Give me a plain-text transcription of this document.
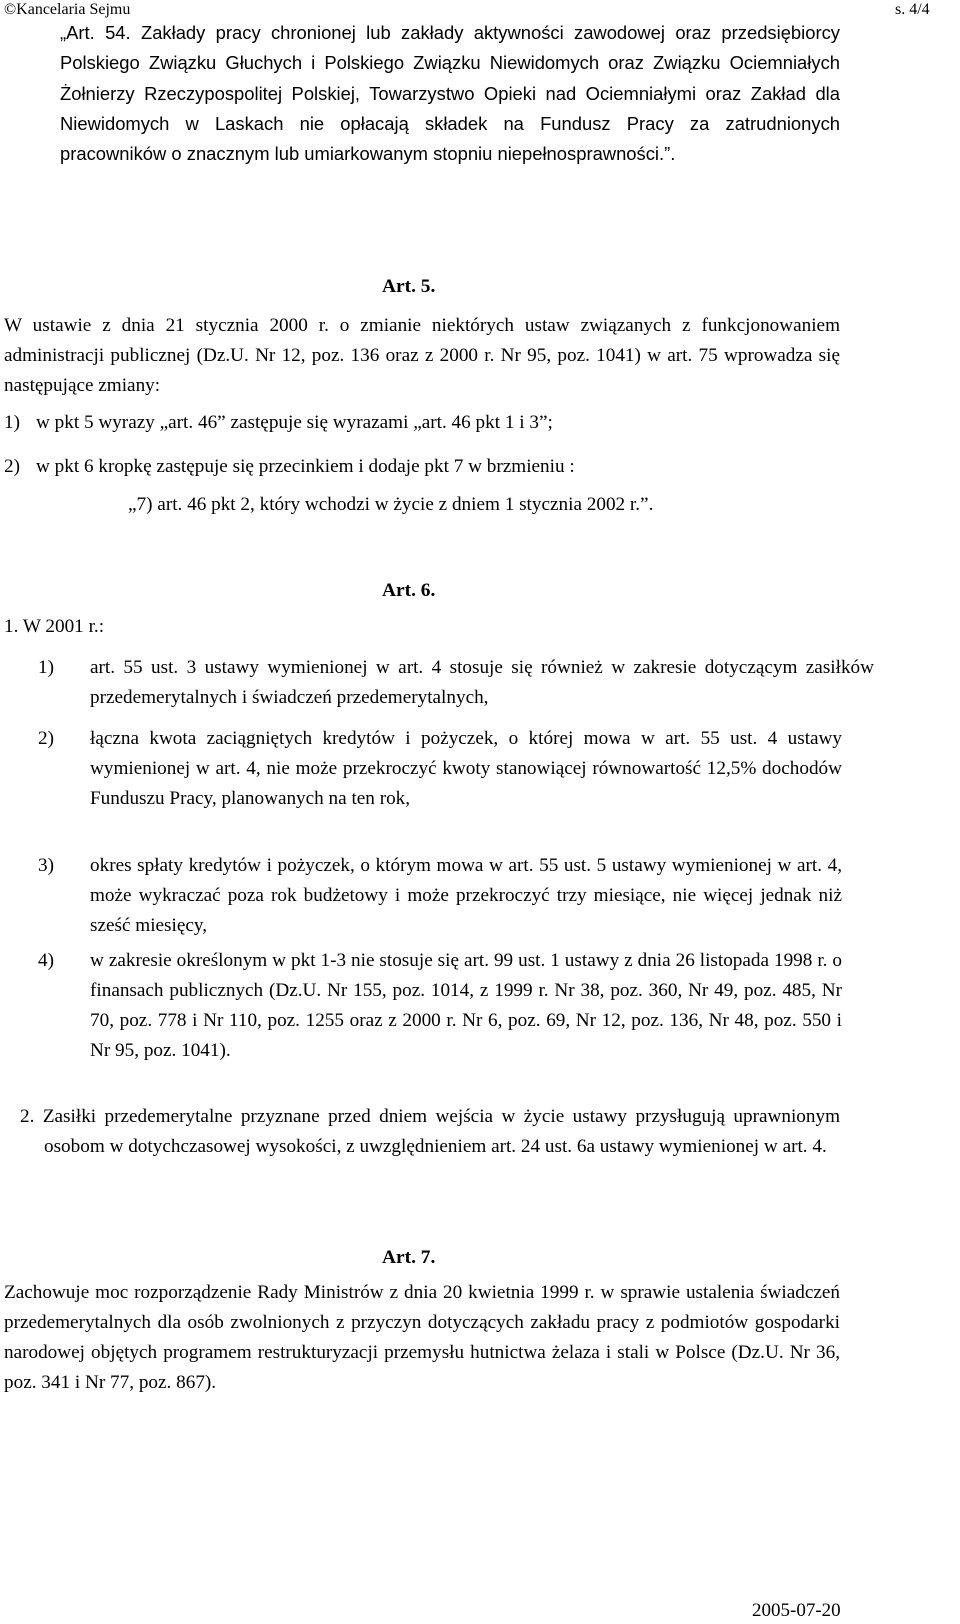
©Kancelaria Sejmu	s. 4/4
„Art. 54. Zakłady pracy chronionej lub zakłady aktywności zawodowej oraz przedsiębiorcy Polskiego Związku Głuchych i Polskiego Związku Niewidomych oraz Związku Ociemniałych Żołnierzy Rzeczypospolitej Polskiej, Towarzystwo Opieki nad Ociemniałymi oraz Zakład dla Niewidomych w Laskach nie opłacają składek na Fundusz Pracy za zatrudnionych pracowników o znacznym lub umiarkowanym stopniu niepełnosprawności.”.
Art. 5.
W ustawie z dnia 21 stycznia 2000 r. o zmianie niektórych ustaw związanych z funkcjonowaniem administracji publicznej (Dz.U. Nr 12, poz. 136 oraz z 2000 r. Nr 95, poz. 1041) w art. 75 wprowadza się następujące zmiany:
1) w pkt 5 wyrazy „art. 46” zastępuje się wyrazami „art. 46 pkt 1 i 3”;
2) w pkt 6 kropkę zastępuje się przecinkiem i dodaje pkt 7 w brzmieniu :
„7) art. 46 pkt 2, który wchodzi w życie z dniem 1 stycznia 2002 r.”.
Art. 6.
1. W 2001 r.:
1) art. 55 ust. 3 ustawy wymienionej w art. 4 stosuje się również w zakresie dotyczącym zasiłków przedemerytalnych i świadczeń przedemerytalnych,
2) łączna kwota zaciągniętych kredytów i pożyczek, o której mowa w art. 55 ust. 4 ustawy wymienionej w art. 4, nie może przekroczyć kwoty stanowiącej równowartość 12,5% dochodów Funduszu Pracy, planowanych na ten rok,
3) okres spłaty kredytów i pożyczek, o którym mowa w art. 55 ust. 5 ustawy wymienionej w art. 4, może wykraczać poza rok budżetowy i może przekroczyć trzy miesiące, nie więcej jednak niż sześć miesięcy,
4) w zakresie określonym w pkt 1-3 nie stosuje się art. 99 ust. 1 ustawy z dnia 26 listopada 1998 r. o finansach publicznych (Dz.U. Nr 155, poz. 1014, z 1999 r. Nr 38, poz. 360, Nr 49, poz. 485, Nr 70, poz. 778 i Nr 110, poz. 1255 oraz z 2000 r. Nr 6, poz. 69, Nr 12, poz. 136, Nr 48, poz. 550 i Nr 95, poz. 1041).
2. Zasiłki przedemerytalne przyznane przed dniem wejścia w życie ustawy przysługują uprawnionym osobom w dotychczasowej wysokości, z uwzględnieniem art. 24 ust. 6a ustawy wymienionej w art. 4.
Art. 7.
Zachowuje moc rozporządzenie Rady Ministrów z dnia 20 kwietnia 1999 r. w sprawie ustalenia świadczeń przedemerytalnych dla osób zwolnionych z przyczyn dotyczących zakładu pracy z podmiotów gospodarki narodowej objętych programem restrukturyzacji przemysłu hutnictwa żelaza i stali w Polsce (Dz.U. Nr 36, poz. 341 i Nr 77, poz. 867).
2005-07-20
